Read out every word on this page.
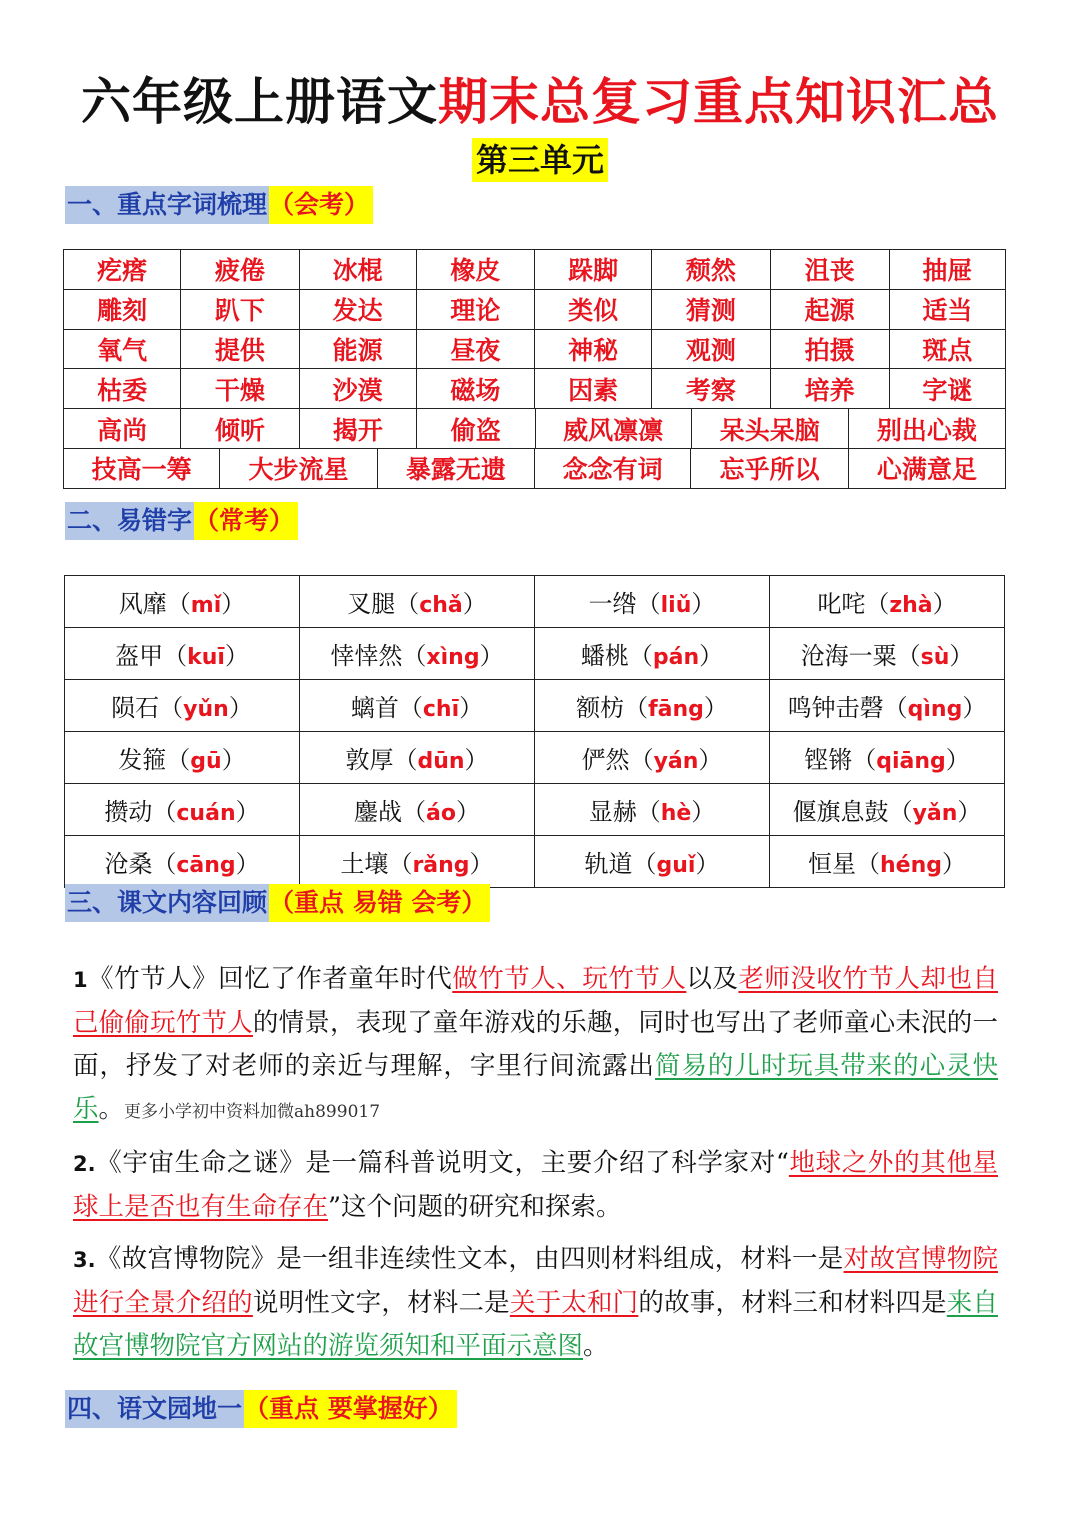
六年级上册语文期末总复习重点知识汇总
第三单元
一、重点字词梳理 （会考）
疙瘩	疲倦	冰棍	橡皮	跺脚	颓然	沮丧	抽屉
雕刻	趴下	发达	理论	类似	猜测	起源	适当
氧气	提供	能源	昼夜	神秘	观测	拍摄	斑点
枯委	干燥	沙漠	磁场	因素	考察	培养	字谜
高尚	倾听	揭开	偷盗	威风凛凛	呆头呆脑	别出心裁
技高一筹	大步流星	暴露无遗	念念有词	忘乎所以	心满意足
二、易错字 （常考）
风靡（mǐ）	叉腿（chǎ）	一绺（liǔ）	叱咤（zhà）
盔甲（kuī）	悻悻然（xìng）	蟠桃（pán）	沧海一粟（sù）
陨石（yǔn）	螭首（chī）	额枋（fāng）	鸣钟击磬（qìng）
发箍（gū）	敦厚（dūn）	俨然（yán）	铿锵（qiāng）
攒动（cuán）	鏖战（áo）	显赫（hè）	偃旗息鼓（yǎn）
沧桑（cāng）	土壤（rǎng）	轨道（guǐ）	恒星（héng）
三、课文内容回顾 （重点 易错 会考）
1《竹节人》回忆了作者童年时代做竹节人、玩竹节人以及老师没收竹节人却也自己偷偷玩竹节人的情景，表现了童年游戏的乐趣，同时也写出了老师童心未泯的一面，抒发了对老师的亲近与理解，字里行间流露出简易的儿时玩具带来的心灵快乐。更多小学初中资料加微ah899017
2.《宇宙生命之谜》是一篇科普说明文，主要介绍了科学家对“地球之外的其他星球上是否也有生命存在”这个问题的研究和探索。
3.《故宫博物院》是一组非连续性文本，由四则材料组成，材料一是对故宫博物院进行全景介绍的说明性文字，材料二是关于太和门的故事，材料三和材料四是来自故宫博物院官方网站的游览须知和平面示意图。
四、语文园地一 （重点 要掌握好）
